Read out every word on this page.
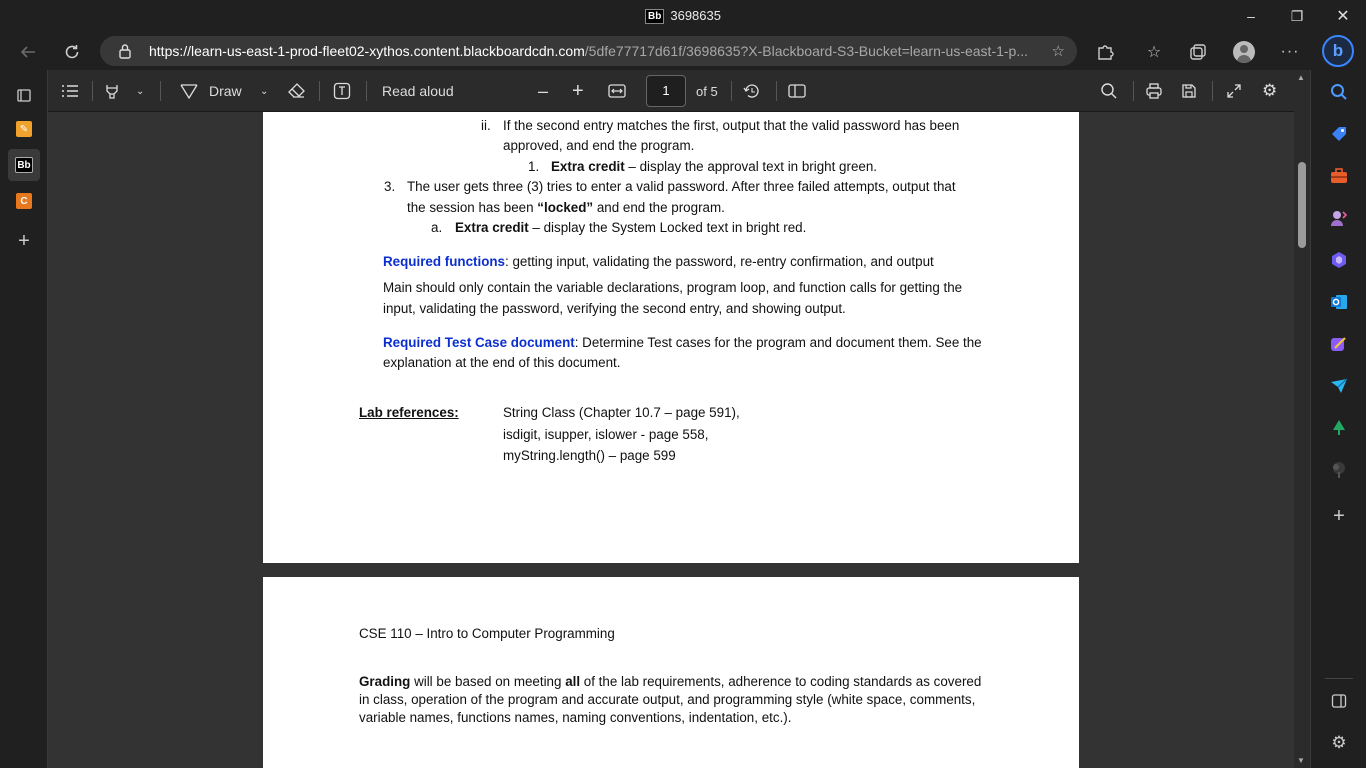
Bb 3698635	–	❐	✕
https://learn-us-east-1-prod-fleet02-xythos.content.blackboardcdn.com/5dfe77717d61f/3698635?X-Blackboard-S3-Bucket=learn-us-east-1-p...	☆	☆	··· b
✎
Bb
C
+
⌄	Draw ⌄	Read aloud	– +	1	of 5	⚙
ii. If the second entry matches the first, output that the valid password has been
approved, and end the program.
1. Extra credit – display the approval text in bright green.
3. The user gets three (3) tries to enter a valid password. After three failed attempts, output that
the session has been “locked” and end the program.
a. Extra credit – display the System Locked text in bright red.
Required functions: getting input, validating the password, re-entry confirmation, and output
Main should only contain the variable declarations, program loop, and function calls for getting the
input, validating the password, verifying the second entry, and showing output.
Required Test Case document: Determine Test cases for the program and document them. See the
explanation at the end of this document.
Lab references:	String Class (Chapter 10.7 – page 591),
isdigit, isupper, islower - page 558,
myString.length() – page 599
CSE 110 – Intro to Computer Programming
Grading will be based on meeting all of the lab requirements, adherence to coding standards as covered
in class, operation of the program and accurate output, and programming style (white space, comments,
variable names, functions names, naming conventions, indentation, etc.).
▲
▼
+
⚙
